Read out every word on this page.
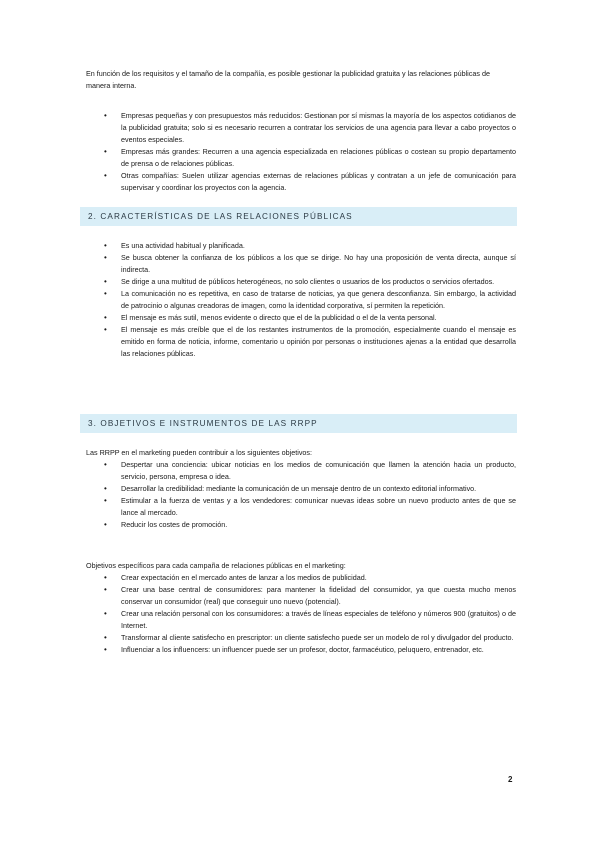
En función de los requisitos y el tamaño de la compañía, es posible gestionar la publicidad gratuita y las relaciones públicas de manera interna.

• Empresas pequeñas y con presupuestos más reducidos: Gestionan por sí mismas la mayoría de los aspectos cotidianos de la publicidad gratuita; solo si es necesario recurren a contratar los servicios de una agencia para llevar a cabo proyectos o eventos especiales.
• Empresas más grandes: Recurren a una agencia especializada en relaciones públicas o costean su propio departamento de prensa o de relaciones públicas.
• Otras compañías: Suelen utilizar agencias externas de relaciones públicas y contratan a un jefe de comunicación para supervisar y coordinar los proyectos con la agencia.
2. CARACTERÍSTICAS DE LAS RELACIONES PÚBLICAS
• Es una actividad habitual y planificada.
• Se busca obtener la confianza de los públicos a los que se dirige. No hay una proposición de venta directa, aunque sí indirecta.
• Se dirige a una multitud de públicos heterogéneos, no solo clientes o usuarios de los productos o servicios ofertados.
• La comunicación no es repetitiva, en caso de tratarse de noticias, ya que genera desconfianza. Sin embargo, la actividad de patrocinio o algunas creadoras de imagen, como la identidad corporativa, sí permiten la repetición.
• El mensaje es más sutil, menos evidente o directo que el de la publicidad o el de la venta personal.
• El mensaje es más creíble que el de los restantes instrumentos de la promoción, especialmente cuando el mensaje es emitido en forma de noticia, informe, comentario u opinión por personas o instituciones ajenas a la entidad que desarrolla las relaciones públicas.
3. OBJETIVOS E INSTRUMENTOS DE LAS RRPP

Las RRPP en el marketing pueden contribuir a los siguientes objetivos:

• Despertar una conciencia: ubicar noticias en los medios de comunicación que llamen la atención hacia un producto, servicio, persona, empresa o idea.
• Desarrollar la credibilidad: mediante la comunicación de un mensaje dentro de un contexto editorial informativo.
• Estimular a la fuerza de ventas y a los vendedores: comunicar nuevas ideas sobre un nuevo producto antes de que se lance al mercado.
• Reducir los costes de promoción.

Objetivos específicos para cada campaña de relaciones públicas en el marketing:

• Crear expectación en el mercado antes de lanzar a los medios de publicidad.
• Crear una base central de consumidores: para mantener la fidelidad del consumidor, ya que cuesta mucho menos conservar un consumidor (real) que conseguir uno nuevo (potencial).
• Crear una relación personal con los consumidores: a través de líneas especiales de teléfono y números 900 (gratuitos) o de Internet.
• Transformar al cliente satisfecho en prescriptor: un cliente satisfecho puede ser un modelo de rol y divulgador del producto.
• Influenciar a los influencers: un influencer puede ser un profesor, doctor, farmacéutico, peluquero, entrenador, etc.
2
